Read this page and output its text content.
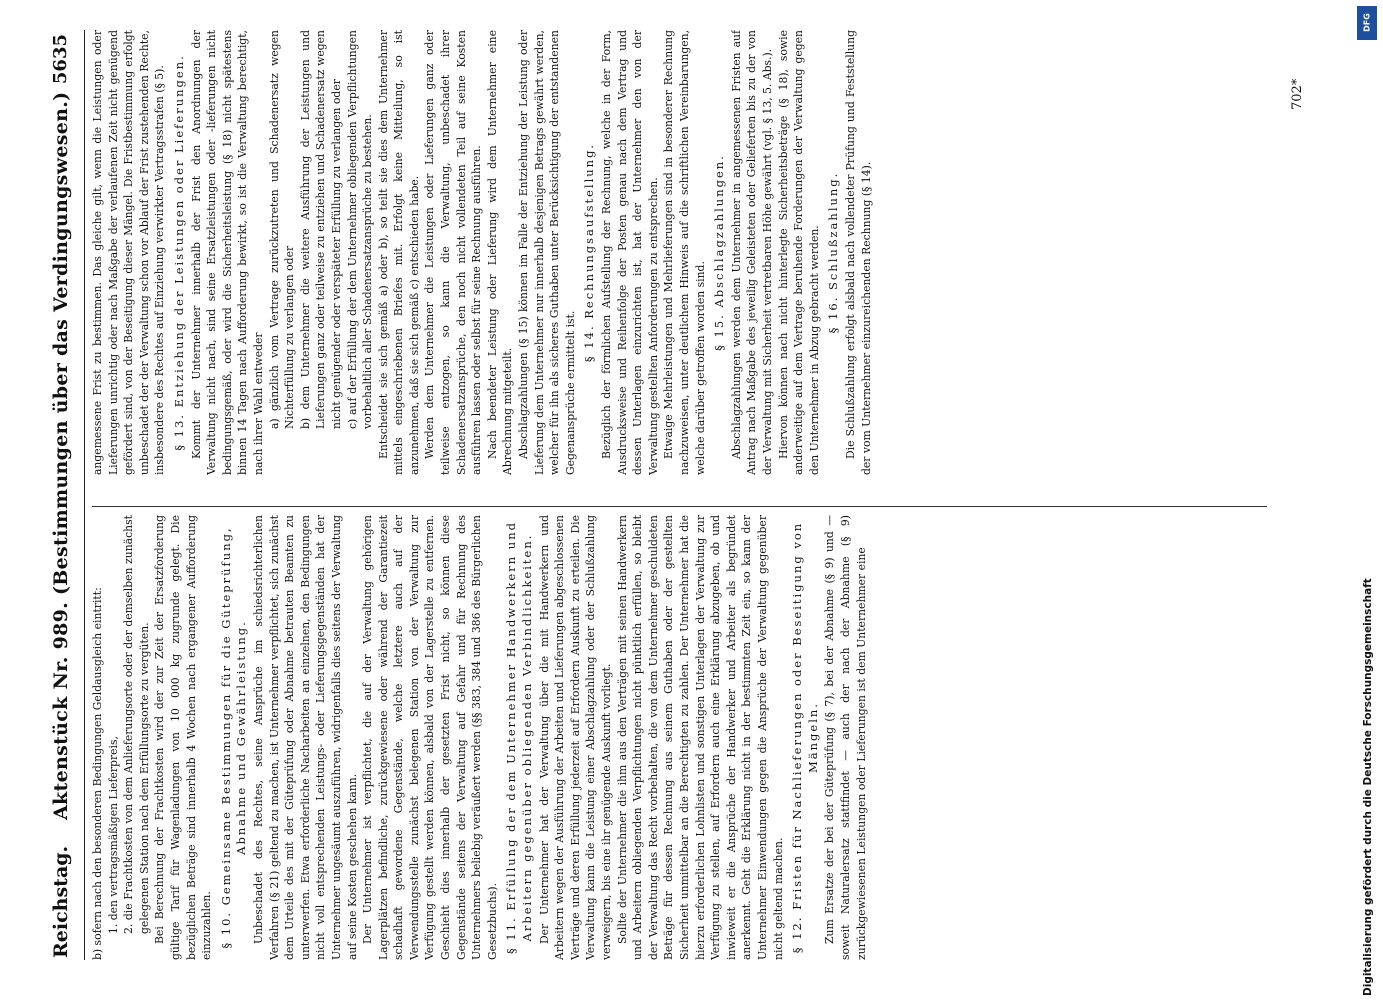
Reichstag.
Aktenstück Nr. 989. (Bestimmungen über das Verdingungswesen.)
5635

b) sofern nach den besonderen Bedingungen Geldausgleich eintritt: 1. den vertragsmäßigen Lieferpreis, 2. die Frachtkosten von dem Anlieferungsorte oder der demselben zunächst gelegenen Station nach dem Erfüllungsorte zu vergüten. Bei Berechnung der Frachtkosten wird der zur Zeit der Ersatzforderung gültige Tarif für Wagenladungen von 10 000 kg zugrunde gelegt. Die bezüglichen Beträge sind innerhalb 4 Wochen nach ergangener Aufforderung einzuzahlen. § 10. Gemeinsame Bestimmungen für die Güteprüfung, Abnahme und Gewährleistung. Unbeschadet des Rechtes, seine Ansprüche im schiedsrichterlichen Verfahren (§ 21) geltend zu machen, ist Unternehmer verpflichtet, sich zunächst dem Urteile des mit der Güteprüfung oder Abnahme betrauten Beamten zu unterwerfen. Etwa erforderliche Nacharbeiten an einzelnen, den Bedingungen nicht voll entsprechenden Leistungs- oder Lieferungsgegenständen hat der Unternehmer ungesäumt auszuführen, widrigenfalls dies seitens der Verwaltung auf seine Kosten geschehen kann. Der Unternehmer ist verpflichtet, die auf der Verwaltung gehörigen Lagerplätzen befindliche, zurückgewiesene oder während der Garantiezeit schadhaft gewordene Gegenstände, welche letztere auch auf der Verwendungsstelle zunächst belegenen Station von der Verwaltung zur Verfügung gestellt werden können, alsbald von der Lagerstelle zu entfernen. Geschieht dies innerhalb der gesetzten Frist nicht, so können diese Gegenstände seitens der Verwaltung auf Gefahr und für Rechnung des Unternehmers beliebig veräußert werden (§§ 383, 384 und 386 des Bürgerlichen Gesetzbuchs). § 11. Erfüllung der dem Unternehmer Handwerkern und Arbeitern gegenüber obliegenden Verbindlichkeiten. Der Unternehmer hat der Verwaltung über die mit Handwerkern und Arbeitern wegen der Ausführung der Arbeiten und Lieferungen abgeschlossenen Verträge und deren Erfüllung jederzeit auf Erfordern Auskunft zu erteilen. Die Verwaltung kann die Leistung einer Abschlagzahlung oder der Schlußzahlung verweigern, bis eine ihr genügende Auskunft vorliegt. Sollte der Unternehmer die ihm aus den Verträgen mit seinen Handwerkern und Arbeitern obliegenden Verpflichtungen nicht pünktlich erfüllen, so bleibt der Verwaltung das Recht vorbehalten, die von dem Unternehmer geschuldeten Beträge für dessen Rechnung aus seinem Guthaben oder der gestellten Sicherheit unmittelbar an die Berechtigten zu zahlen. Der Unternehmer hat die hierzu erforderlichen Lohnlisten und sonstigen Unterlagen der Verwaltung zur Verfügung zu stellen, auf Erfordern auch eine Erklärung abzugeben, ob und inwieweit er die Ansprüche der Handwerker und Arbeiter als begründet anerkennt. Geht die Erklärung nicht in der bestimmten Zeit ein, so kann der Unternehmer Einwendungen gegen die Ansprüche der Verwaltung gegenüber nicht geltend machen. § 12. Fristen für Nachlieferungen oder Beseitigung von Mängeln. Zum Ersatze der bei der Güteprüfung (§ 7), bei der Abnahme (§ 9) und — soweit Naturalersatz stattfindet — auch der nach der Abnahme (§ 9) zurückgewiesenen Leistungen oder Lieferungen ist dem Unternehmer eine

angemessene Frist zu bestimmen. Das gleiche gilt, wenn die Leistungen oder Lieferungen unrichtig oder nach Maßgabe der verlaufenen Zeit nicht genügend gefördert sind, von der Beseitigung dieser Mängel. Die Fristbestimmung erfolgt unbeschadet der der Verwaltung schon vor Ablauf der Frist zustehenden Rechte, insbesondere des Rechtes auf Einziehung verwirkter Vertragsstrafen (§ 5). § 13. Entziehung der Leistungen oder Lieferungen. Kommt der Unternehmer innerhalb der Frist den Anordnungen der Verwaltung nicht nach, sind seine Ersatzleistungen oder -lieferungen nicht bedingungsgemäß, oder wird die Sicherheitsleistung (§ 18) nicht spätestens binnen 14 Tagen nach Aufforderung bewirkt, so ist die Verwaltung berechtigt, nach ihrer Wahl entweder a) gänzlich vom Vertrage zurückzutreten und Schadenersatz wegen Nichterfüllung zu verlangen oder b) dem Unternehmer die weitere Ausführung der Leistungen und Lieferungen ganz oder teilweise zu entziehen und Schadenersatz wegen nicht genügender oder verspäteter Erfüllung zu verlangen oder c) auf der Erfüllung der dem Unternehmer obliegenden Verpflichtungen vorbehaltlich aller Schadenersatzansprüche zu bestehen. Entscheidet sie sich gemäß a) oder b), so teilt sie dies dem Unternehmer mittels eingeschriebenen Briefes mit. Erfolgt keine Mitteilung, so ist anzunehmen, daß sie sich gemäß c) entschieden habe. Werden dem Unternehmer die Leistungen oder Lieferungen ganz oder teilweise entzogen, so kann die Verwaltung, unbeschadet ihrer Schadenersatzansprüche, den noch nicht vollendeten Teil auf seine Kosten ausführen lassen oder selbst für seine Rechnung ausführen. Nach beendeter Leistung oder Lieferung wird dem Unternehmer eine Abrechnung mitgeteilt. Abschlagzahlungen (§ 15) können im Falle der Entziehung der Leistung oder Lieferung dem Unternehmer nur innerhalb desjenigen Betrags gewährt werden, welcher für ihn als sicheres Guthaben unter Berücksichtigung der entstandenen Gegenansprüche ermittelt ist.

§ 14. Rechnungsaufstellung. Bezüglich der förmlichen Aufstellung der Rechnung, welche in der Form, Ausdrucksweise und Reihenfolge der Posten genau nach dem Vertrag und dessen Unterlagen einzurichten ist, hat der Unternehmer den von der Verwaltung gestellten Anforderungen zu entsprechen. Etwaige Mehrleistungen und Mehrlieferungen sind in besonderer Rechnung nachzuweisen, unter deutlichem Hinweis auf die schriftlichen Vereinbarungen, welche darüber getroffen worden sind.

§ 15. Abschlagzahlungen. Abschlagzahlungen werden dem Unternehmer in angemessenen Fristen auf Antrag nach Maßgabe des jeweilig Geleisteten oder Gelieferten bis zu der von der Verwaltung mit Sicherheit vertretbaren Höhe gewährt (vgl. § 13, 5. Abs.). Hiervon können nach nicht hinterlegte Sicherheitsbeträge (§ 18), sowie anderweitige auf dem Vertrage beruhende Forderungen der Verwaltung gegen den Unternehmer in Abzug gebracht werden. § 16. Schlußzahlung. Die Schlußzahlung erfolgt alsbald nach vollendeter Prüfung und Feststellung der vom Unternehmer einzureichenden Rechnung (§ 14).

702*
Digitalisierung gefördert durch die Deutsche Forschungsgemeinschaft
DFG
